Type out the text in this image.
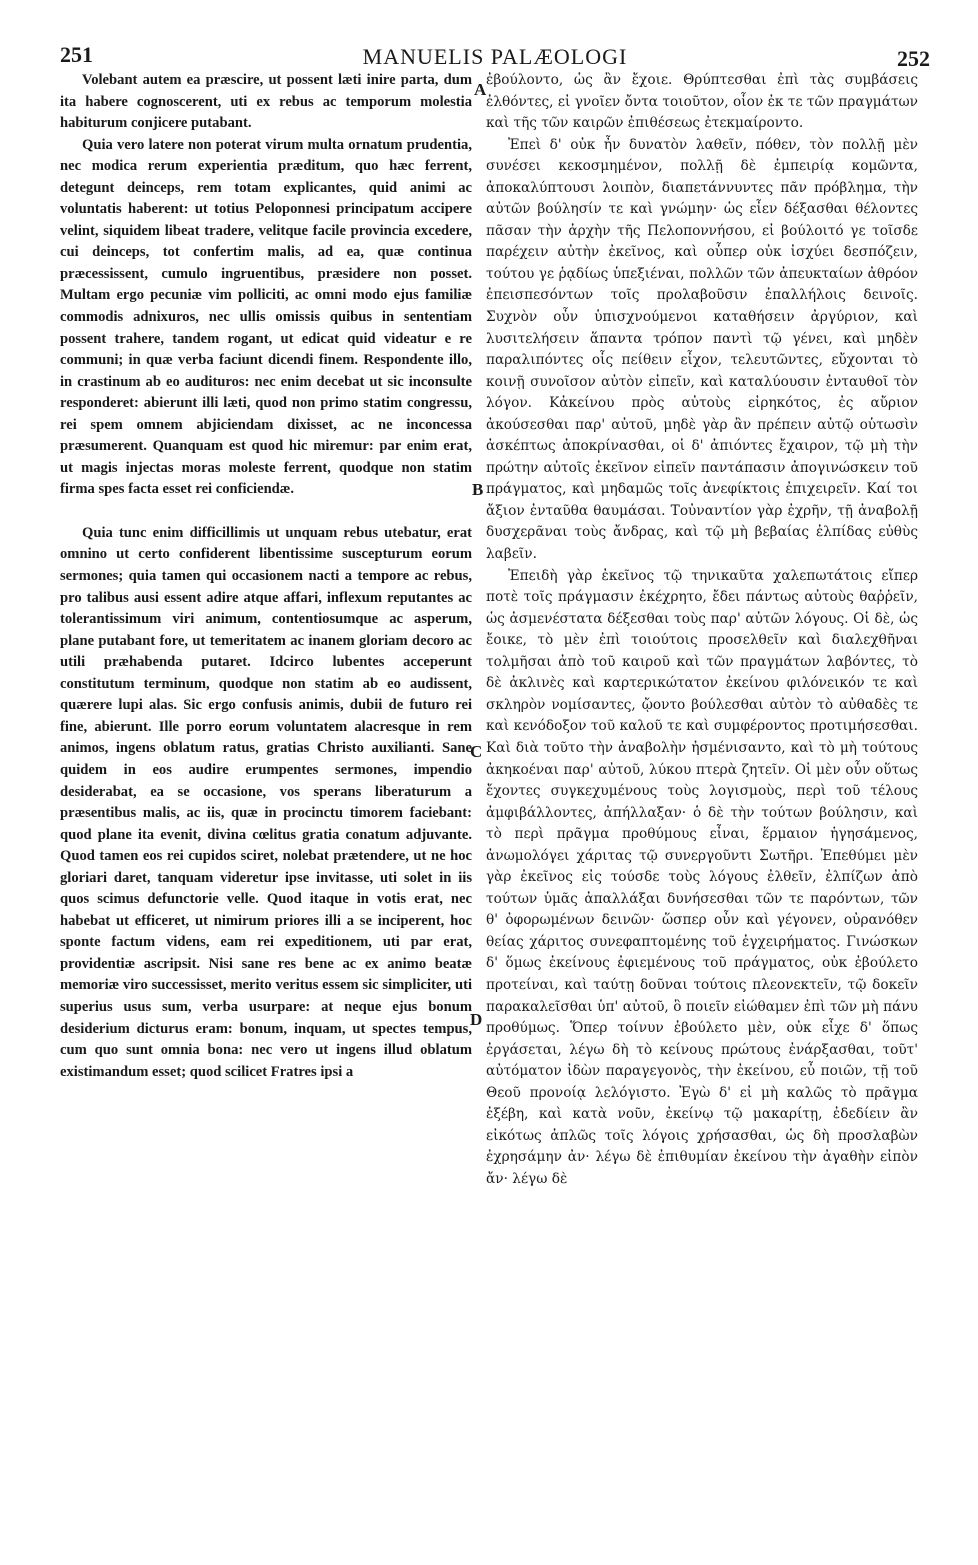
251	MANUELIS PALÆOLOGI	252

Volebant autem ea præscire, ut possent læti inire parta, dum ita habere cognoscerent, uti ex rebus ac temporum molestia habiturum conjicere putabant.

Quia vero latere non poterat virum multa ornatum prudentia, nec modica rerum experientia præditum, quo hæc ferrent, detegunt deinceps, rem totam explicantes, quid animi ac voluntatis haberent: ut totius Peloponnesi principatum accipere velint, siquidem libeat tradere, velitque facile provincia excedere, cui deinceps, tot confertim malis, ad ea, quæ continua præcessissent, cumulo ingruentibus, præsidere non posset. Multam ergo pecuniæ vim polliciti, ac omni modo ejus familiæ commodis adnixuros, nec ullis omissis quibus in sententiam possent trahere, tandem rogant, ut edicat quid videatur e re communi; in quæ verba faciunt dicendi finem. Respondente illo, in crastinum ab eo audituros: nec enim decebat ut sic inconsulte responderet: abierunt illi læti, quod non primo statim congressu, rei spem omnem abjiciendam dixisset, ac ne inconcessa præsumerent. Quanquam est quod hic miremur: par enim erat, ut magis injectas moras moleste ferrent, quodque non statim firma spes facta esset rei conficiendæ.

Quia tunc enim difficillimis ut unquam rebus utebatur, erat omnino ut certo confiderent libentissime suscepturum eorum sermones; quia tamen qui occasionem nacti a tempore ac rebus, pro talibus ausi essent adire atque affari, inflexum reputantes ac tolerantissimum viri animum, contentiosumque ac asperum, plane putabant fore, ut temeritatem ac inanem gloriam decoro ac utili præhabenda putaret. Idcirco lubentes acceperunt constitutum terminum, quodque non statim ab eo audissent, quærere lupi alas. Sic ergo confusis animis, dubii de futuro rei fine, abierunt. Ille porro eorum voluntatem alacresque in rem animos, ingens oblatum ratus, gratias Christo auxilianti. Sane quidem in eos audire erumpentes sermones, impendio desiderabat, ea se occasione, vos sperans liberaturum a præsentibus malis, ac iis, quæ in procinctu timorem faciebant: quod plane ita evenit, divina cœlitus gratia conatum adjuvante. Quod tamen eos rei cupidos sciret, nolebat prætendere, ut ne hoc gloriari daret, tanquam videretur ipse invitasse, uti solet in iis quos scimus defunctorie velle. Quod itaque in votis erat, nec habebat ut efficeret, ut nimirum priores illi a se inciperent, hoc sponte factum videns, eam rei expeditionem, uti par erat, providentiæ ascripsit. Nisi sane res bene ac ex animo beatæ memoriæ viro successisset, merito veritus essem sic simpliciter, uti superius usus sum, verba usurpare: at neque ejus bonum desiderium dicturus eram: bonum, inquam, ut spectes tempus, cum quo sunt omnia bona: nec vero ut ingens illud oblatum existimandum esset; quod scilicet Fratres ipsi a

A
B
C
D

ἐβούλοντο, ὡς ἂν ἔχοιε. Θρύπτεσθαι ἐπὶ τὰς συμβάσεις ἐλθόντες, εἰ γνοῖεν ὄντα τοιοῦτον, οἷον ἐκ τε τῶν πραγμάτων καὶ τῆς τῶν καιρῶν ἐπιθέσεως ἐτεκμαίροντο.

Ἐπεὶ δ' οὐκ ἦν δυνατὸν λαθεῖν, πόθεν, τὸν πολλῇ μὲν συνέσει κεκοσμημένον, πολλῇ δὲ ἐμπειρίᾳ κομῶντα, ἀποκαλύπτουσι λοιπὸν, διαπετάννυντες πᾶν πρόβλημα, τὴν αὐτῶν βούλησίν τε καὶ γνώμην· ὡς εἶεν δέξασθαι θέλοντες πᾶσαν τὴν ἀρχὴν τῆς Πελοποννήσου, εἰ βούλοιτό γε τοῖσδε παρέχειν αὐτὴν ἐκεῖνος, καὶ οὗπερ οὐκ ἰσχύει δεσπόζειν, τούτου γε ῥᾳδίως ὑπεξιέναι, πολλῶν τῶν ἀπευκταίων ἀθρόον ἐπεισπεσόντων τοῖς προλαβοῦσιν ἐπαλλήλοις δεινοῖς. Συχνὸν οὖν ὑπισχνούμενοι καταθήσειν ἀργύριον, καὶ λυσιτελήσειν ἅπαντα τρόπον παντὶ τῷ γένει, καὶ μηδὲν παραλιπόντες οἷς πείθειν εἶχον, τελευτῶντες, εὔχονται τὸ κοινῇ συνοῖσον αὐτὸν εἰπεῖν, καὶ καταλύουσιν ἐνταυθοῖ τὸν λόγον. Κἀκείνου πρὸς αὐτοὺς εἰρηκότος, ἐς αὔριον ἀκούσεσθαι παρ' αὐτοῦ, μηδὲ γὰρ ἂν πρέπειν αὐτῷ οὑτωσὶν ἀσκέπτως ἀποκρίνασθαι, οἱ δ' ἀπιόντες ἔχαιρον, τῷ μὴ τὴν πρώτην αὐτοῖς ἐκεῖνον εἰπεῖν παντάπασιν ἀπογινώσκειν τοῦ πράγματος, καὶ μηδαμῶς τοῖς ἀνεφίκτοις ἐπιχειρεῖν. Καί τοι ἄξιον ἐνταῦθα θαυμάσαι. Τοὐναντίον γὰρ ἐχρῆν, τῇ ἀναβολῇ δυσχερᾶναι τοὺς ἄνδρας, καὶ τῷ μὴ βεβαίας ἐλπίδας εὐθὺς λαβεῖν.

Ἐπειδὴ γὰρ ἐκεῖνος τῷ τηνικαῦτα χαλεπωτάτοις εἴπερ ποτὲ τοῖς πράγμασιν ἐκέχρητο, ἔδει πάντως αὐτοὺς θαῤῥεῖν, ὡς ἀσμενέστατα δέξεσθαι τοὺς παρ' αὐτῶν λόγους. Οἱ δὲ, ὡς ἔοικε, τὸ μὲν ἐπὶ τοιούτοις προσελθεῖν καὶ διαλεχθῆναι τολμῆσαι ἀπὸ τοῦ καιροῦ καὶ τῶν πραγμάτων λαβόντες, τὸ δὲ ἀκλινὲς καὶ καρτερικώτατον ἐκείνου φιλόνεικόν τε καὶ σκληρὸν νομίσαντες, ᾤοντο βούλεσθαι αὐτὸν τὸ αὐθαδὲς τε καὶ κενόδοξον τοῦ καλοῦ τε καὶ συμφέροντος προτιμήσεσθαι. Καὶ διὰ τοῦτο τὴν ἀναβολὴν ἠσμένισαντο, καὶ τὸ μὴ τούτους ἀκηκοέναι παρ' αὐτοῦ, λύκου πτερὰ ζητεῖν. Οἱ μὲν οὖν οὕτως ἔχοντες συγκεχυμένους τοὺς λογισμοὺς, περὶ τοῦ τέλους ἀμφιβάλλοντες, ἀπήλλαξαν· ὁ δὲ τὴν τούτων βούλησιν, καὶ τὸ περὶ πρᾶγμα προθύμους εἶναι, ἕρμαιον ἡγησάμενος, ἀνωμολόγει χάριτας τῷ συνεργοῦντι Σωτῆρι. Ἐπεθύμει μὲν γὰρ ἐκεῖνος εἰς τούσδε τοὺς λόγους ἐλθεῖν, ἐλπίζων ἀπὸ τούτων ὑμᾶς ἀπαλλάξαι δυνήσεσθαι τῶν τε παρόντων, τῶν θ' ὀφορωμένων δεινῶν· ὥσπερ οὖν καὶ γέγονεν, οὐρανόθεν θείας χάριτος συνεφαπτομένης τοῦ ἐγχειρήματος. Γινώσκων δ' ὅμως ἐκείνους ἐφιεμένους τοῦ πράγματος, οὐκ ἐβούλετο προτείναι, καὶ ταύτῃ δοῦναι τούτοις πλεονεκτεῖν, τῷ δοκεῖν παρακαλεῖσθαι ὑπ' αὐτοῦ, ὃ ποιεῖν εἰώθαμεν ἐπὶ τῶν μὴ πάνυ προθύμως. Ὅπερ τοίνυν ἐβούλετο μὲν, οὐκ εἶχε δ' ὅπως ἐργάσεται, λέγω δὴ τὸ κείνους πρώτους ἐνάρξασθαι, τοῦτ' αὐτόματον ἰδὼν παραγεγονὸς, τὴν ἐκείνου, εὖ ποιῶν, τῇ τοῦ Θεοῦ προνοίᾳ λελόγιστο. Ἐγὼ δ' εἰ μὴ καλῶς τὸ πρᾶγμα ἐξέβη, καὶ κατὰ νοῦν, ἐκείνῳ τῷ μακαρίτῃ, ἐδεδίειν ἂν εἰκότως ἁπλῶς τοῖς λόγοις χρήσασθαι, ὡς δὴ προσλαβὼν ἐχρησάμην ἀν· λέγω δὲ ἐπιθυμίαν ἐκείνου τὴν ἀγαθὴν εἰπὸν ἄν· λέγω δὲ
